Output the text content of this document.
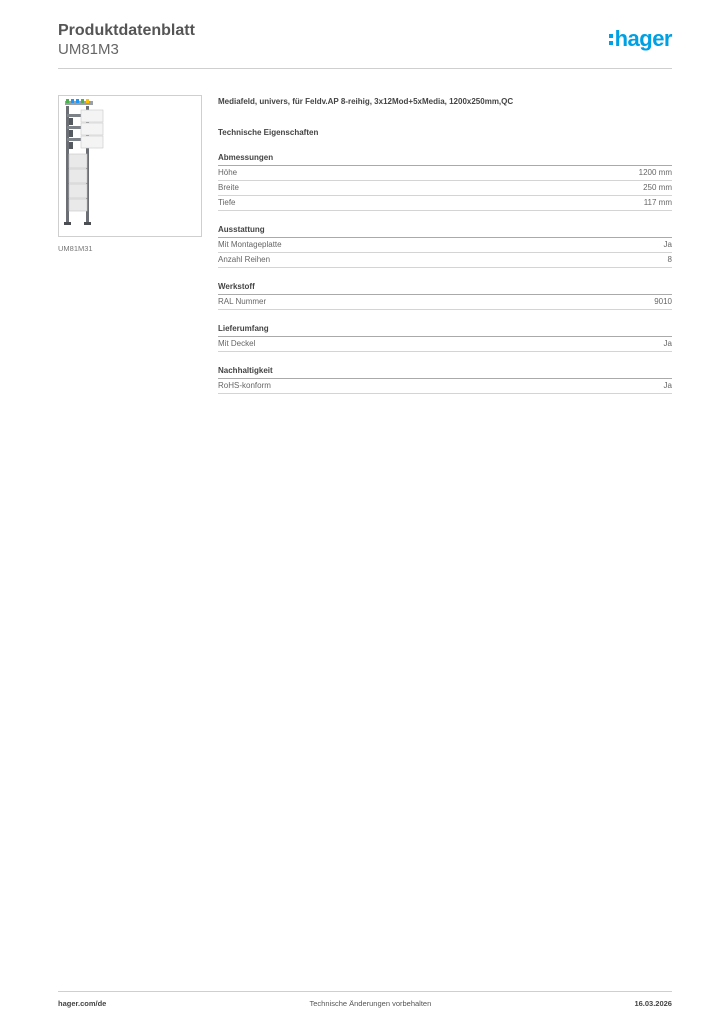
Produktdatenblatt
UM81M3	hager
UM81M31
Mediafeld, univers, für Feldv.AP 8-reihig, 3x12Mod+5xMedia, 1200x250mm,QC
Technische Eigenschaften
Abmessungen
Höhe	1200 mm
Breite	250 mm
Tiefe	117 mm
Ausstattung
Mit Montageplatte	Ja
Anzahl Reihen	8
Werkstoff
RAL Nummer	9010
Lieferumfang
Mit Deckel	Ja
Nachhaltigkeit
RoHS-konform	Ja
hager.com/de	Technische Änderungen vorbehalten	16.03.2026
